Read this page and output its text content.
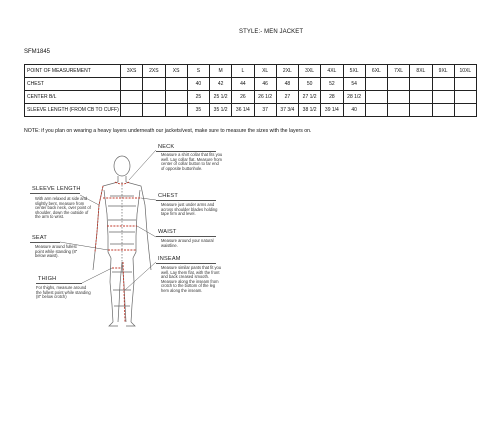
STYLE:- MEN JACKET
SFM1845
POINT OF MEASUREMENT	3XS	2XS	XS	S	M	L	XL	2XL	3XL	4XL	5XL	6XL	7XL	8XL	9XL	10XL
CHEST				40	42	44	46	48	50	52	54					
CENTER B/L				25	25 1/2	26	26 1/2	27	27 1/2	28	28 1/2					
SLEEVE LENGTH (FROM CB TO CUFF)				35	35 1/2	36 1/4	37	37 3/4	38 1/2	39 1/4	40					
NOTE: if you plan on wearing a heavy layers underneath our jackets/vest, make sure to measure the sizes with the layers on.
NECK
Measure a shirt collar that fits you well. Lay collar flat. Measure from center of collar button to far end of opposite buttonhole.
CHEST
Measure just under arms and across shoulder blades holding tape firm and level.
WAIST
Measure around your natural waistline.
INSEAM
Measure similar pants that fit you well. Lay them flat, with the front and back creased smooth. Measure along the inseam from crotch to the bottom of the leg hem along the inseam.
SLEEVE LENGTH
With arm relaxed at side and slightly bent, measure from center back neck, over point of shoulder, down the outside of the arm to wrist.
SEAT
Measure around fullest point while standing (8" below waist).
THIGH
For thighs, measure around the fullest point while standing (8" below crotch)
